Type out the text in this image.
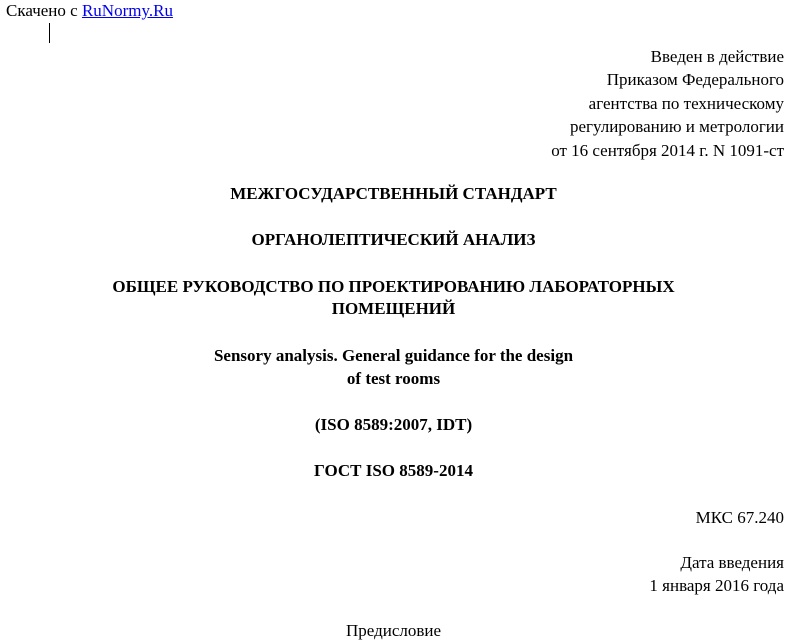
Скачено с RuNormy.Ru
Введен в действие
Приказом Федерального
агентства по техническому
регулированию и метрологии
от 16 сентября 2014 г. N 1091-ст
МЕЖГОСУДАРСТВЕННЫЙ СТАНДАРТ
ОРГАНОЛЕПТИЧЕСКИЙ АНАЛИЗ
ОБЩЕЕ РУКОВОДСТВО ПО ПРОЕКТИРОВАНИЮ ЛАБОРАТОРНЫХ
ПОМЕЩЕНИЙ
Sensory analysis. General guidance for the design
of test rooms
(ISO 8589:2007, IDT)
ГОСТ ISO 8589-2014
МКС 67.240
Дата введения
1 января 2016 года
Предисловие
